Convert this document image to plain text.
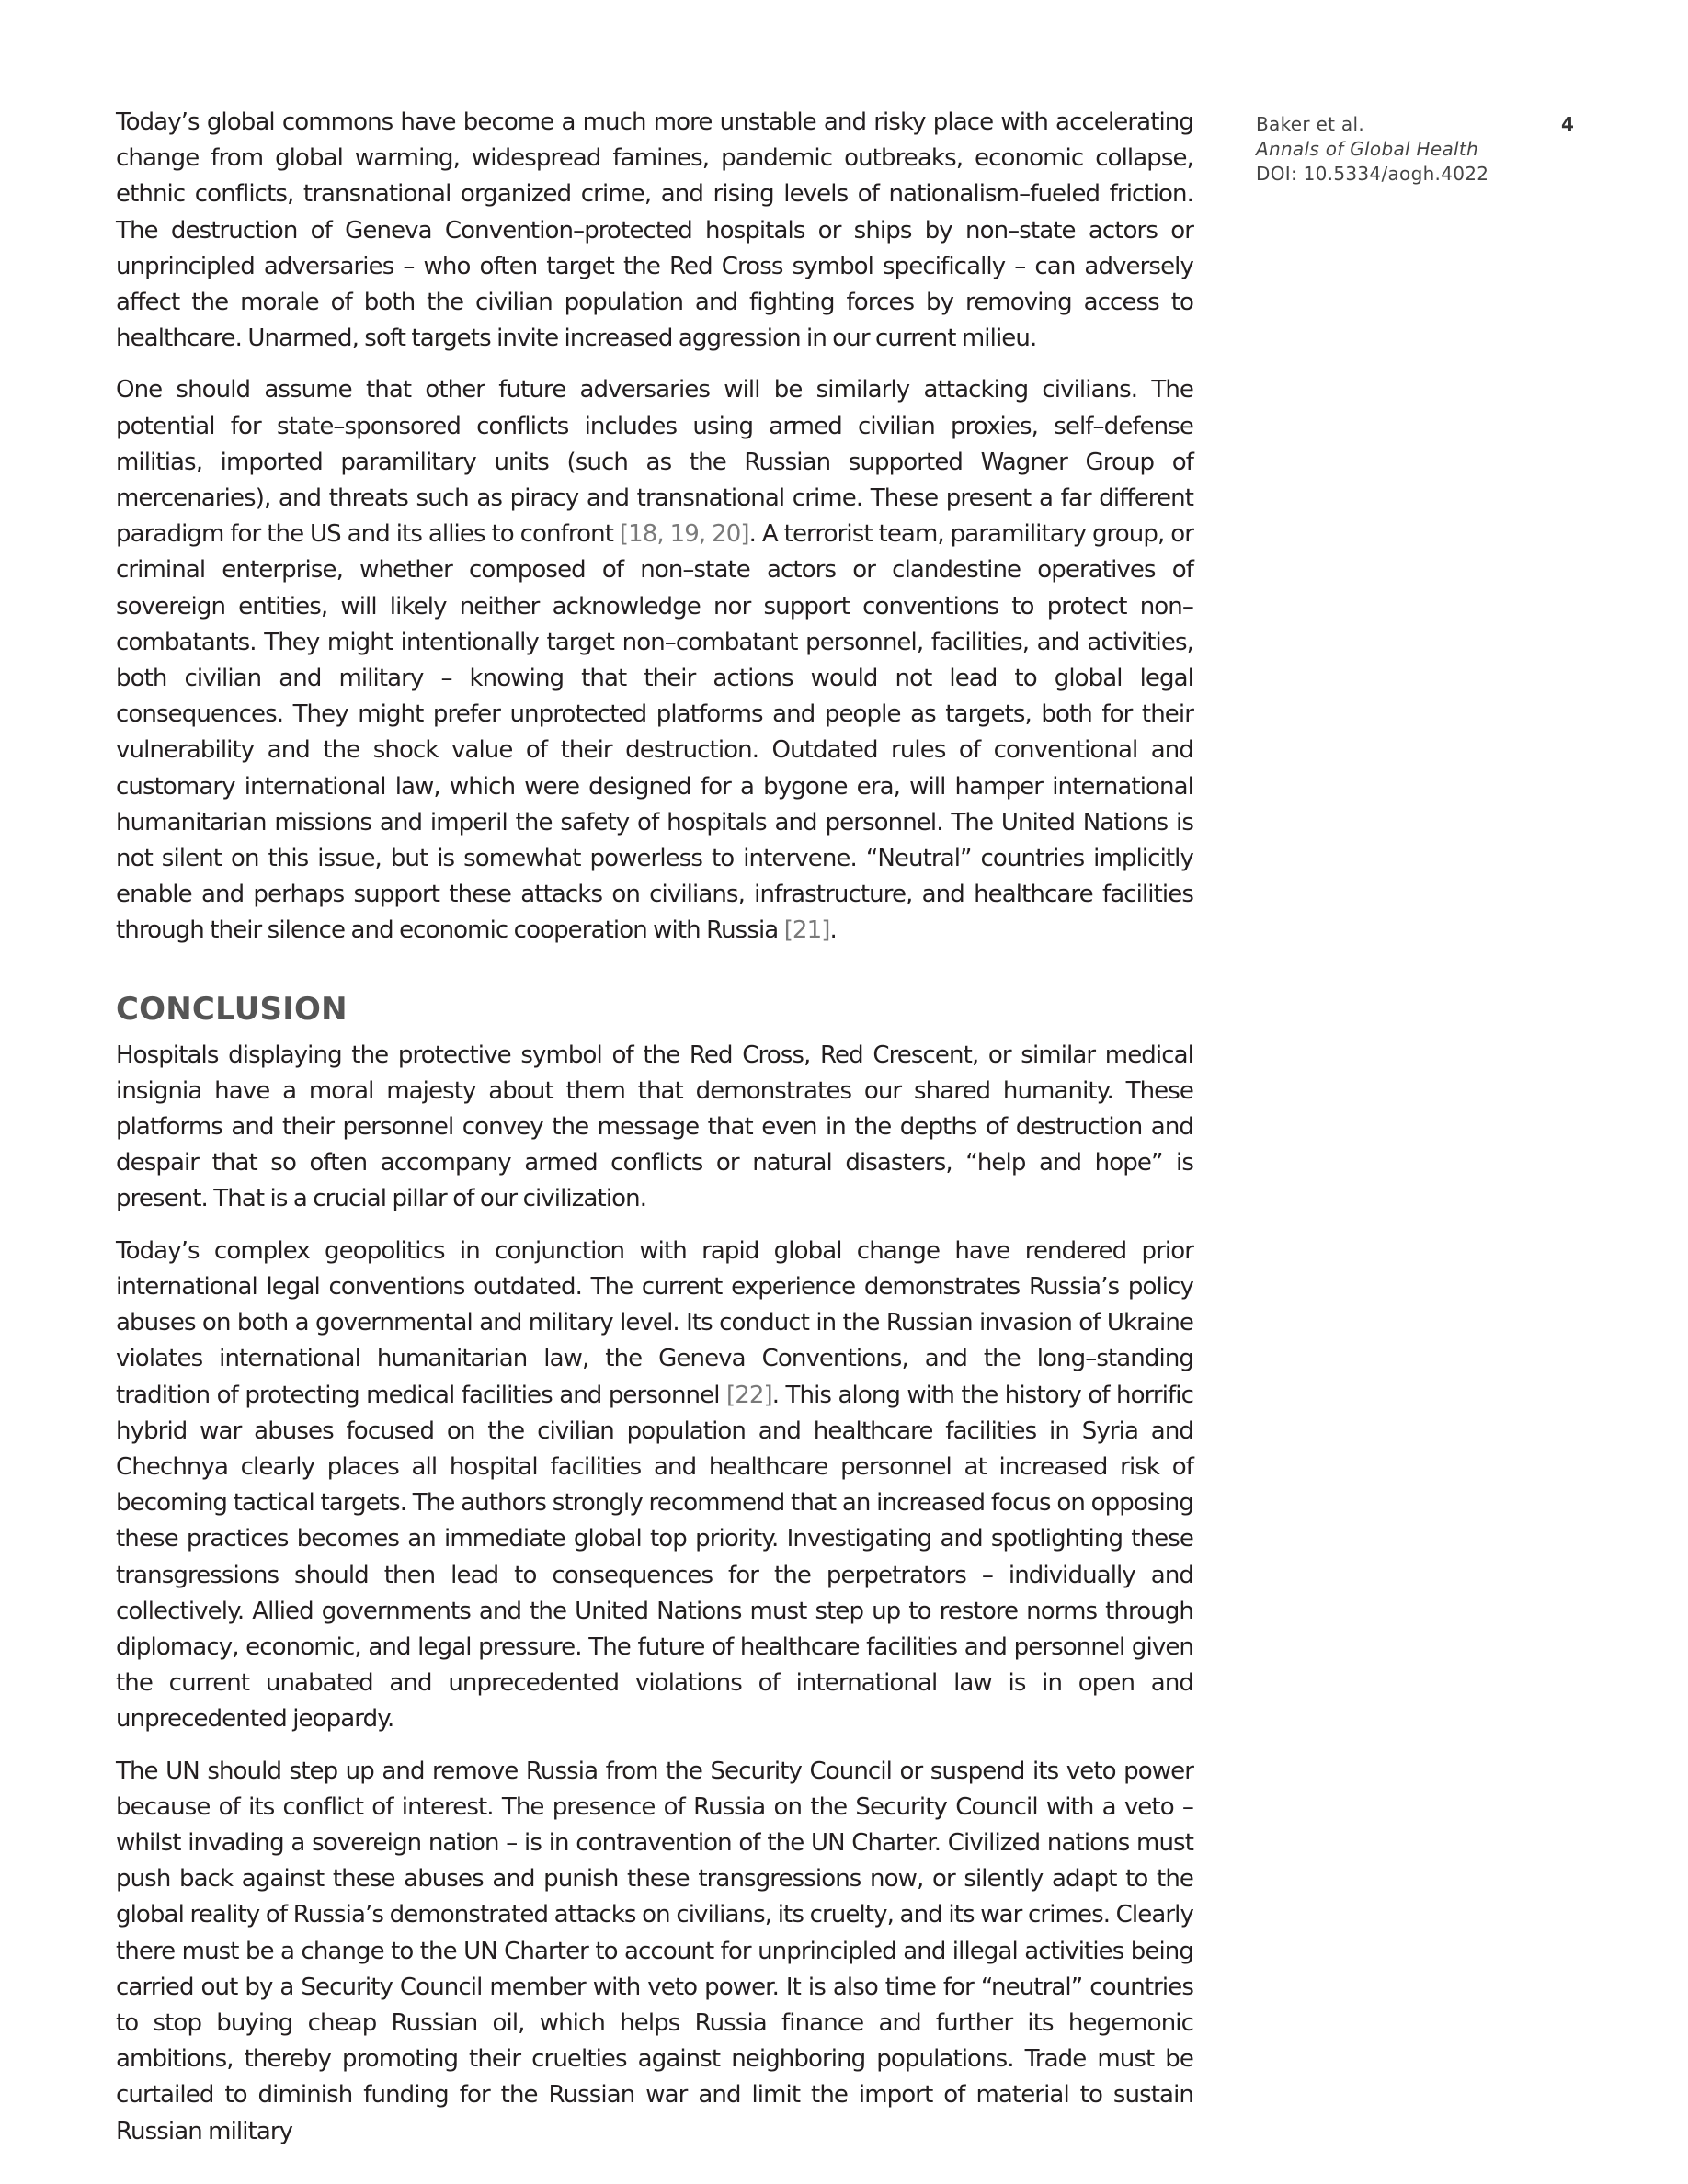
Baker et al.
Annals of Global Health
DOI: 10.5334/aogh.4022
4

Today’s global commons have become a much more unstable and risky place with accelerating change from global warming, widespread famines, pandemic outbreaks, economic collapse, ethnic conflicts, transnational organized crime, and rising levels of nationalism–fueled friction. The destruction of Geneva Convention–protected hospitals or ships by non–state actors or unprincipled adversaries – who often target the Red Cross symbol specifically – can adversely affect the morale of both the civilian population and fighting forces by removing access to healthcare. Unarmed, soft targets invite increased aggression in our current milieu.

One should assume that other future adversaries will be similarly attacking civilians. The potential for state–sponsored conflicts includes using armed civilian proxies, self–defense militias, imported paramilitary units (such as the Russian supported Wagner Group of mercenaries), and threats such as piracy and transnational crime. These present a far different paradigm for the US and its allies to confront [18, 19, 20]. A terrorist team, paramilitary group, or criminal enterprise, whether composed of non–state actors or clandestine operatives of sovereign entities, will likely neither acknowledge nor support conventions to protect non–combatants. They might intentionally target non–combatant personnel, facilities, and activities, both civilian and military – knowing that their actions would not lead to global legal consequences. They might prefer unprotected platforms and people as targets, both for their vulnerability and the shock value of their destruction. Outdated rules of conventional and customary international law, which were designed for a bygone era, will hamper international humanitarian missions and imperil the safety of hospitals and personnel. The United Nations is not silent on this issue, but is somewhat powerless to intervene. “Neutral” countries implicitly enable and perhaps support these attacks on civilians, infrastructure, and healthcare facilities through their silence and economic cooperation with Russia [21].

CONCLUSION

Hospitals displaying the protective symbol of the Red Cross, Red Crescent, or similar medical insignia have a moral majesty about them that demonstrates our shared humanity. These platforms and their personnel convey the message that even in the depths of destruction and despair that so often accompany armed conflicts or natural disasters, “help and hope” is present. That is a crucial pillar of our civilization.

Today’s complex geopolitics in conjunction with rapid global change have rendered prior international legal conventions outdated. The current experience demonstrates Russia’s policy abuses on both a governmental and military level. Its conduct in the Russian invasion of Ukraine violates international humanitarian law, the Geneva Conventions, and the long–standing tradition of protecting medical facilities and personnel [22]. This along with the history of horrific hybrid war abuses focused on the civilian population and healthcare facilities in Syria and Chechnya clearly places all hospital facilities and healthcare personnel at increased risk of becoming tactical targets. The authors strongly recommend that an increased focus on opposing these practices becomes an immediate global top priority. Investigating and spotlighting these transgressions should then lead to consequences for the perpetrators – individually and collectively. Allied governments and the United Nations must step up to restore norms through diplomacy, economic, and legal pressure. The future of healthcare facilities and personnel given the current unabated and unprecedented violations of international law is in open and unprecedented jeopardy.

The UN should step up and remove Russia from the Security Council or suspend its veto power because of its conflict of interest. The presence of Russia on the Security Council with a veto – whilst invading a sovereign nation – is in contravention of the UN Charter. Civilized nations must push back against these abuses and punish these transgressions now, or silently adapt to the global reality of Russia’s demonstrated attacks on civilians, its cruelty, and its war crimes. Clearly there must be a change to the UN Charter to account for unprincipled and illegal activities being carried out by a Security Council member with veto power. It is also time for “neutral” countries to stop buying cheap Russian oil, which helps Russia finance and further its hegemonic ambitions, thereby promoting their cruelties against neighboring populations. Trade must be curtailed to diminish funding for the Russian war and limit the import of material to sustain Russian military
